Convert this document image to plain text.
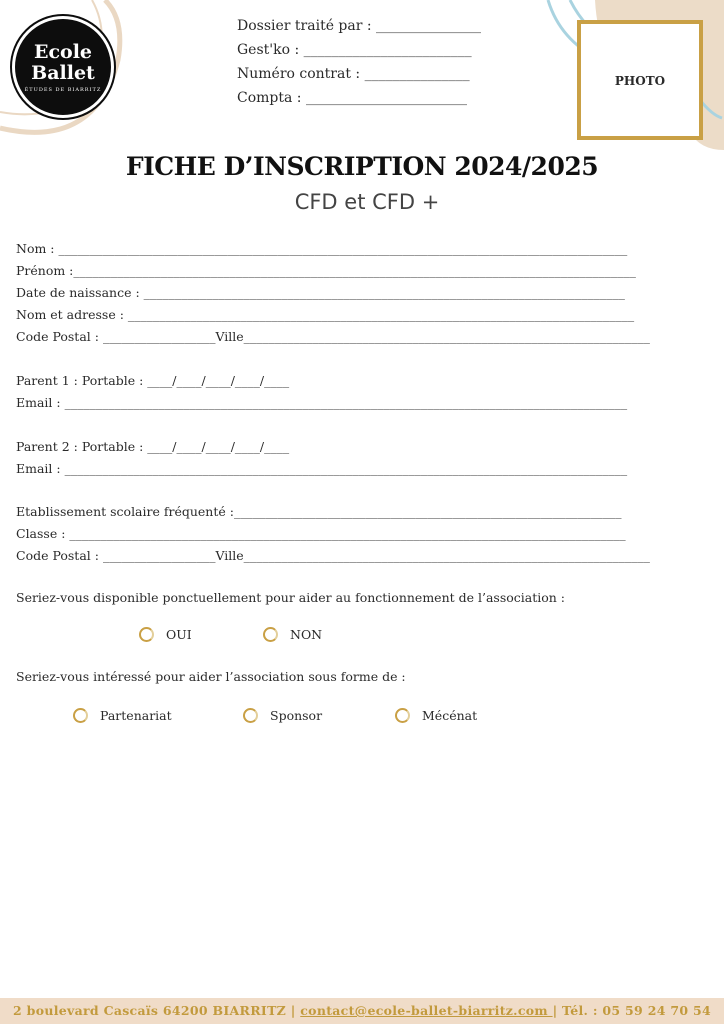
Ecole
Ballet
ÉTUDES DE BIARRITZ
Dossier traité par : _______________
Gest'ko : ________________________
Numéro contrat : _______________
Compta : _______________________
PHOTO
FICHE D’INSCRIPTION 2024/2025
CFD et CFD +
Nom : ___________________________________________________________________________________________
Prénom :__________________________________________________________________________________________
Date de naissance : _____________________________________________________________________________
Nom et adresse : _________________________________________________________________________________
Code Postal : __________________Ville_________________________________________________________________
Parent 1 : Portable : ____/____/____/____/____
Email : __________________________________________________________________________________________
Parent 2 : Portable : ____/____/____/____/____
Email : __________________________________________________________________________________________
Etablissement scolaire fréquenté :______________________________________________________________
Classe : _________________________________________________________________________________________
Code Postal : __________________Ville_________________________________________________________________
Seriez-vous disponible ponctuellement pour aider au fonctionnement de l’association :
OUI	NON
Seriez-vous intéressé pour aider l’association sous forme de :
Partenariat	Sponsor	Mécénat
2 boulevard Cascaïs 64200 BIARRITZ | contact@ecole-ballet-biarritz.com | Tél. : 05 59 24 70 54
